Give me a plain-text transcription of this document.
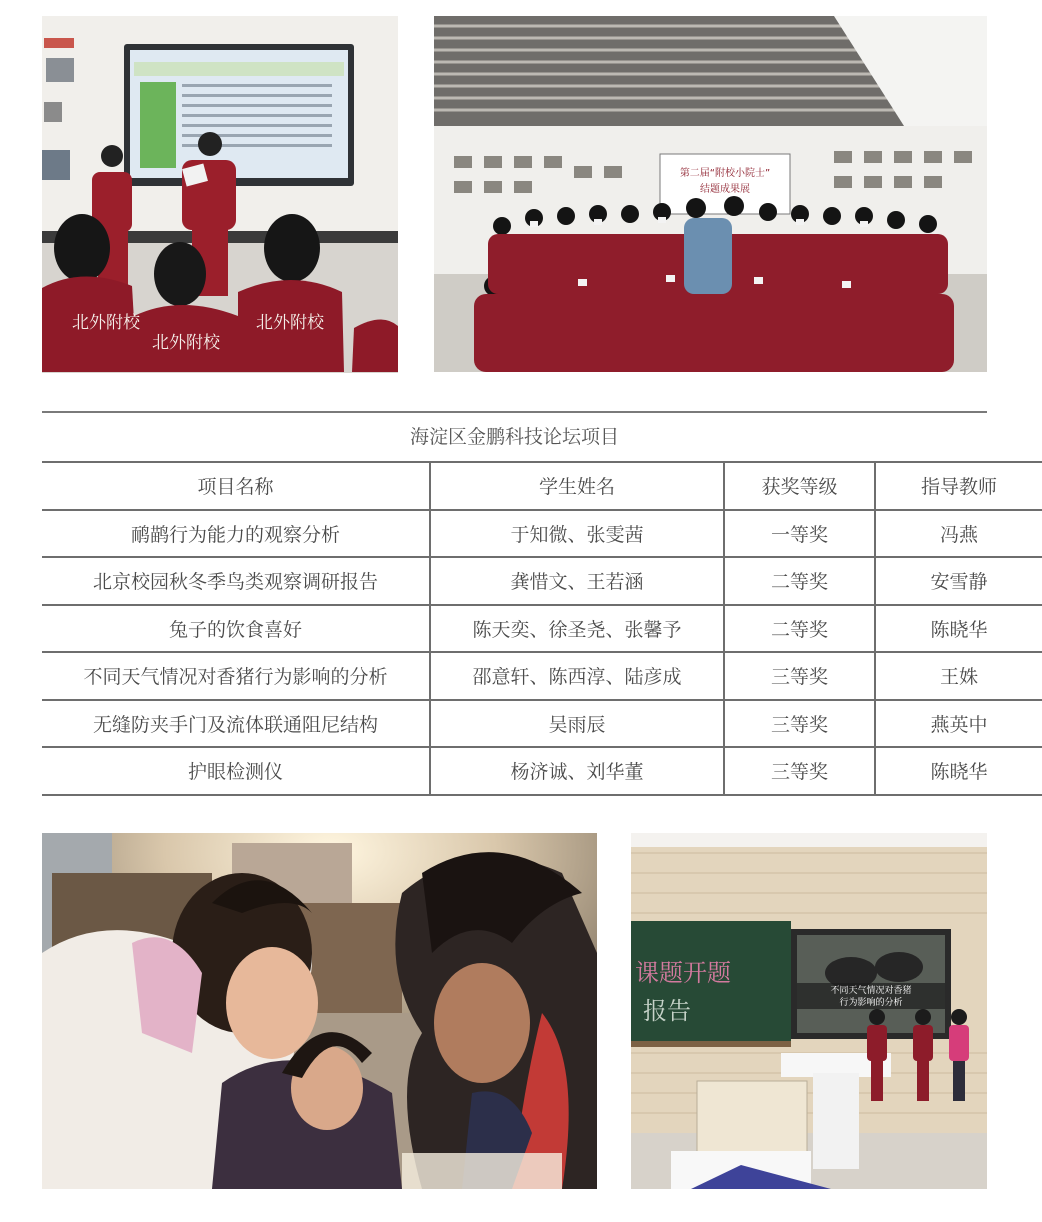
北外附校
北外附校
北外附校
第二届“附校小院士”
结题成果展
海淀区金鹏科技论坛项目
项目名称	学生姓名	获奖等级	指导教师
鸸鹋行为能力的观察分析	于知微、张雯茜	一等奖	冯燕
北京校园秋冬季鸟类观察调研报告	龚惜文、王若涵	二等奖	安雪静
兔子的饮食喜好	陈天奕、徐圣尧、张馨予	二等奖	陈晓华
不同天气情况对香猪行为影响的分析	邵意轩、陈西淳、陆彦成	三等奖	王姝
无缝防夹手门及流体联通阻尼结构	吴雨辰	三等奖	燕英中
护眼检测仪	杨济诚、刘华董	三等奖	陈晓华
课题开题
报告
不同天气情况对香猪
行为影响的分析
